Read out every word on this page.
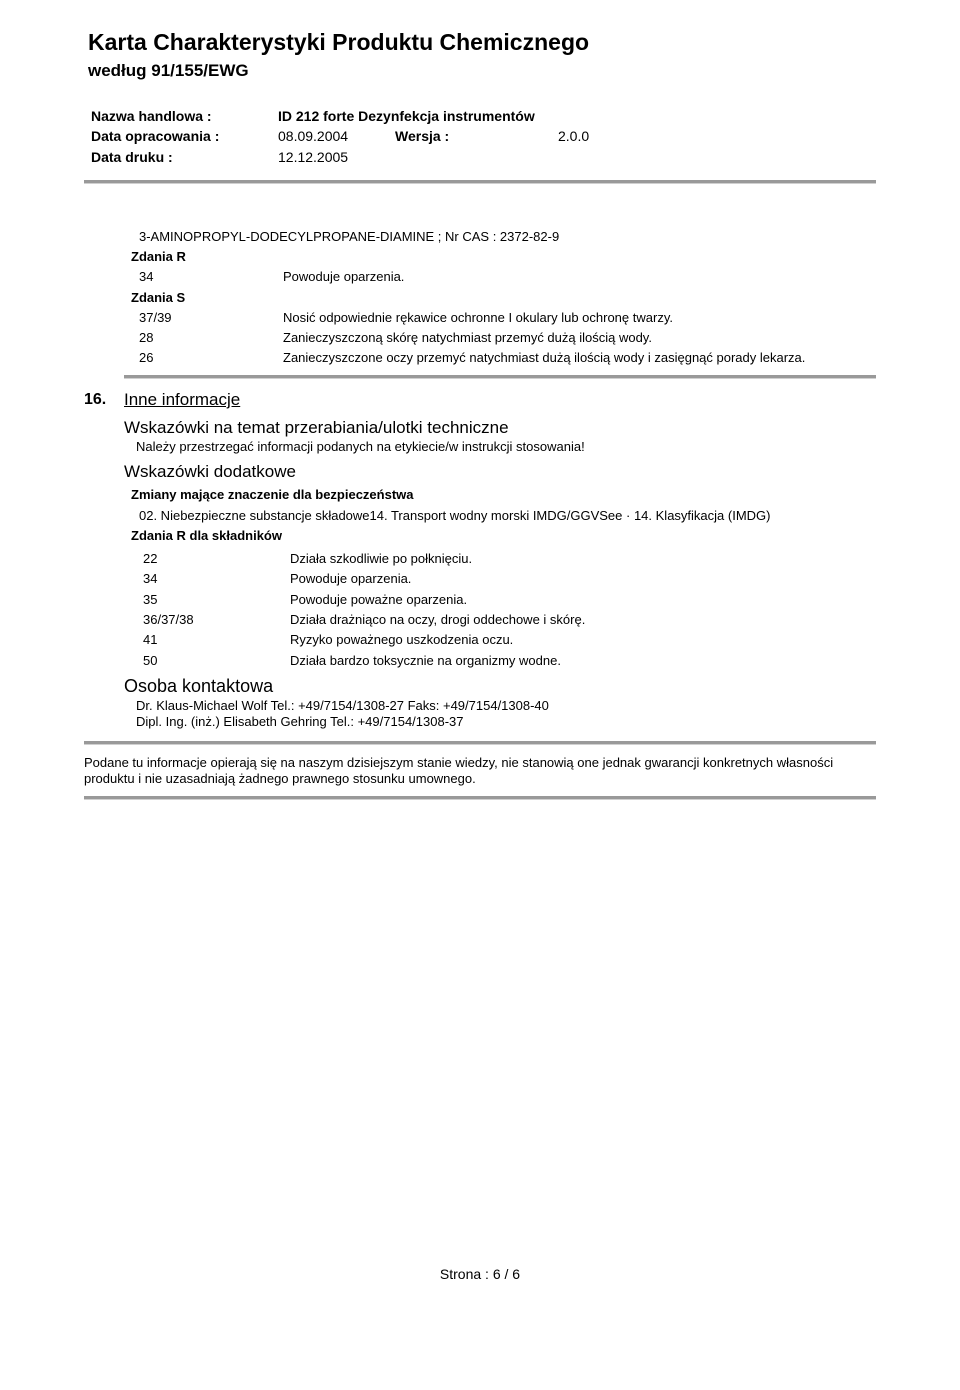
Karta Charakterystyki Produktu Chemicznego
według 91/155/EWG
Nazwa handlowa :	ID 212 forte Dezynfekcja instrumentów
Data opracowania :	08.09.2004	Wersja :	2.0.0
Data druku :	12.12.2005
3-AMINOPROPYL-DODECYLPROPANE-DIAMINE ; Nr CAS : 2372-82-9
Zdania R
34	Powoduje oparzenia.
Zdania S
37/39	Nosić odpowiednie rękawice ochronne I okulary lub ochronę twarzy.
28	Zanieczyszczoną skórę natychmiast przemyć dużą ilością wody.
26	Zanieczyszczone oczy przemyć natychmiast dużą ilością wody i zasięgnąć porady lekarza.
16. Inne informacje
Wskazówki na temat przerabiania/ulotki techniczne
Należy przestrzegać informacji podanych na etykiecie/w instrukcji stosowania!
Wskazówki dodatkowe
Zmiany mające znaczenie dla bezpieczeństwa
02. Niebezpieczne substancje składowe14. Transport wodny morski IMDG/GGVSee · 14. Klasyfikacja (IMDG)
Zdania R dla składników
22	Działa szkodliwie po połknięciu.
34	Powoduje oparzenia.
35	Powoduje poważne oparzenia.
36/37/38	Działa drażniąco na oczy, drogi oddechowe i skórę.
41	Ryzyko poważnego uszkodzenia oczu.
50	Działa bardzo toksycznie na organizmy wodne.
Osoba kontaktowa
Dr. Klaus-Michael Wolf Tel.: +49/7154/1308-27 Faks: +49/7154/1308-40
Dipl. Ing. (inż.) Elisabeth Gehring Tel.: +49/7154/1308-37
Podane tu informacje opierają się na naszym dzisiejszym stanie wiedzy, nie stanowią one jednak gwarancji konkretnych własności
produktu i nie uzasadniają żadnego prawnego stosunku umownego.
Strona : 6 / 6
